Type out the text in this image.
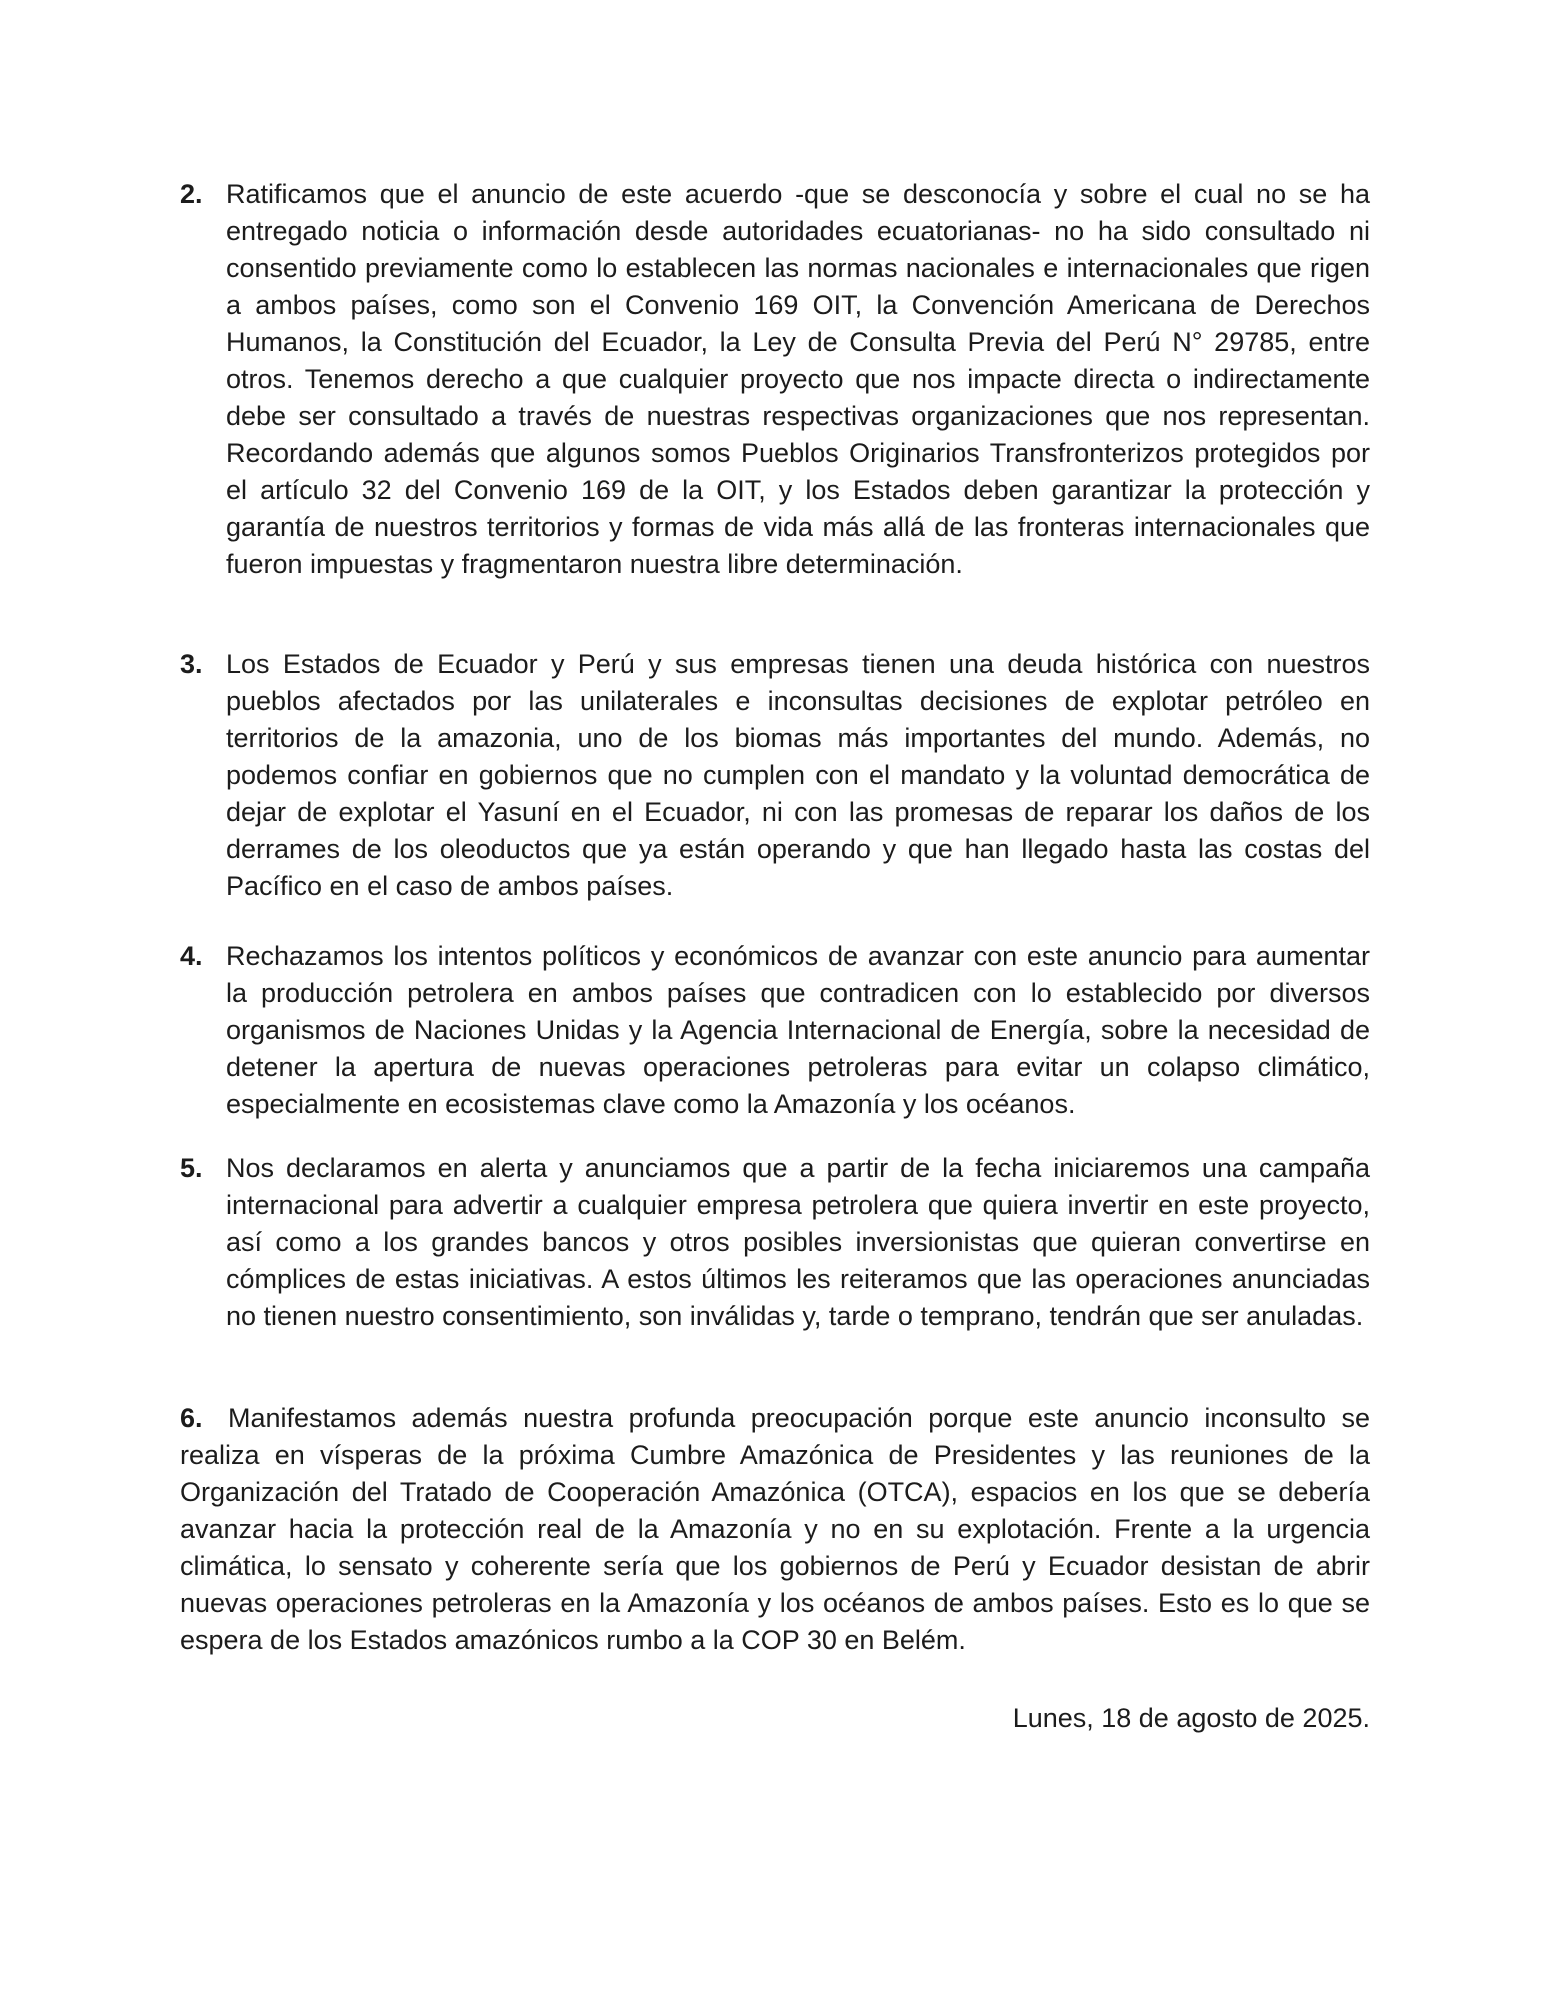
2. Ratificamos que el anuncio de este acuerdo -que se desconocía y sobre el cual no se ha entregado noticia o información desde autoridades ecuatorianas- no ha sido consultado ni consentido previamente como lo establecen las normas nacionales e internacionales que rigen a ambos países, como son el Convenio 169 OIT, la Convención Americana de Derechos Humanos, la Constitución del Ecuador, la Ley de Consulta Previa del Perú N° 29785, entre otros. Tenemos derecho a que cualquier proyecto que nos impacte directa o indirectamente debe ser consultado a través de nuestras respectivas organizaciones que nos representan. Recordando además que algunos somos Pueblos Originarios Transfronterizos protegidos por el artículo 32 del Convenio 169 de la OIT, y los Estados deben garantizar la protección y garantía de nuestros territorios y formas de vida más allá de las fronteras internacionales que fueron impuestas y fragmentaron nuestra libre determinación.
3. Los Estados de Ecuador y Perú y sus empresas tienen una deuda histórica con nuestros pueblos afectados por las unilaterales e inconsultas decisiones de explotar petróleo en territorios de la amazonia, uno de los biomas más importantes del mundo. Además, no podemos confiar en gobiernos que no cumplen con el mandato y la voluntad democrática de dejar de explotar el Yasuní en el Ecuador, ni con las promesas de reparar los daños de los derrames de los oleoductos que ya están operando y que han llegado hasta las costas del Pacífico en el caso de ambos países.
4. Rechazamos los intentos políticos y económicos de avanzar con este anuncio para aumentar la producción petrolera en ambos países que contradicen con lo establecido por diversos organismos de Naciones Unidas y la Agencia Internacional de Energía, sobre la necesidad de detener la apertura de nuevas operaciones petroleras para evitar un colapso climático, especialmente en ecosistemas clave como la Amazonía y los océanos.
5. Nos declaramos en alerta y anunciamos que a partir de la fecha iniciaremos una campaña internacional para advertir a cualquier empresa petrolera que quiera invertir en este proyecto, así como a los grandes bancos y otros posibles inversionistas que quieran convertirse en cómplices de estas iniciativas. A estos últimos les reiteramos que las operaciones anunciadas no tienen nuestro consentimiento, son inválidas y, tarde o temprano, tendrán que ser anuladas.
6. Manifestamos además nuestra profunda preocupación porque este anuncio inconsulto se realiza en vísperas de la próxima Cumbre Amazónica de Presidentes y las reuniones de la Organización del Tratado de Cooperación Amazónica (OTCA), espacios en los que se debería avanzar hacia la protección real de la Amazonía y no en su explotación. Frente a la urgencia climática, lo sensato y coherente sería que los gobiernos de Perú y Ecuador desistan de abrir nuevas operaciones petroleras en la Amazonía y los océanos de ambos países. Esto es lo que se espera de los Estados amazónicos rumbo a la COP 30 en Belém.
Lunes, 18 de agosto de 2025.
